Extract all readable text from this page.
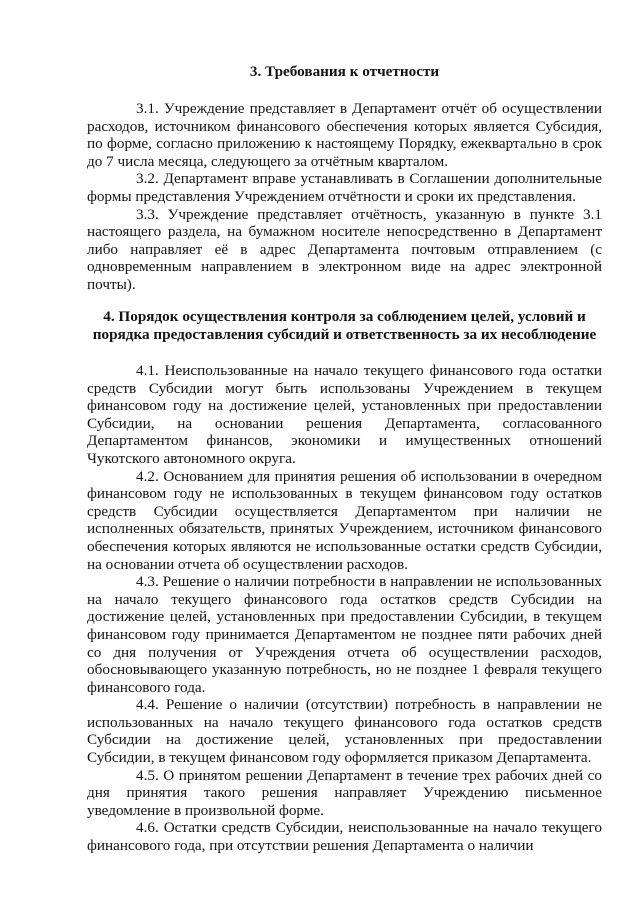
3. Требования к отчетности

3.1. Учреждение представляет в Департамент отчёт об осуществлении расходов, источником финансового обеспечения которых является Субсидия, по форме, согласно приложению к настоящему Порядку, ежеквартально в срок до 7 числа месяца, следующего за отчётным кварталом.

3.2. Департамент вправе устанавливать в Соглашении дополнительные формы представления Учреждением отчётности и сроки их представления.

3.3. Учреждение представляет отчётность, указанную в пункте 3.1 настоящего раздела, на бумажном носителе непосредственно в Департамент либо направляет её в адрес Департамента почтовым отправлением (с одновременным направлением в электронном виде на адрес электронной почты).

4. Порядок осуществления контроля за соблюдением целей, условий и
порядка предоставления субсидий и ответственность за их несоблюдение

4.1. Неиспользованные на начало текущего финансового года остатки средств Субсидии могут быть использованы Учреждением в текущем финансовом году на достижение целей, установленных при предоставлении Субсидии, на основании решения Департамента, согласованного Департаментом финансов, экономики и имущественных отношений Чукотского автономного округа.

4.2. Основанием для принятия решения об использовании в очередном финансовом году не использованных в текущем финансовом году остатков средств Субсидии осуществляется Департаментом при наличии не исполненных обязательств, принятых Учреждением, источником финансового обеспечения которых являются не использованные остатки средств Субсидии, на основании отчета об осуществлении расходов.

4.3. Решение о наличии потребности в направлении не использованных на начало текущего финансового года остатков средств Субсидии на достижение целей, установленных при предоставлении Субсидии, в текущем финансовом году принимается Департаментом не позднее пяти рабочих дней со дня получения от Учреждения отчета об осуществлении расходов, обосновывающего указанную потребность, но не позднее 1 февраля текущего финансового года.

4.4. Решение о наличии (отсутствии) потребность в направлении не использованных на начало текущего финансового года остатков средств Субсидии на достижение целей, установленных при предоставлении Субсидии, в текущем финансовом году оформляется приказом Департамента.

4.5. О принятом решении Департамент в течение трех рабочих дней со дня принятия такого решения направляет Учреждению письменное уведомление в произвольной форме.

4.6. Остатки средств Субсидии, неиспользованные на начало текущего финансового года, при отсутствии решения Департамента о наличии
